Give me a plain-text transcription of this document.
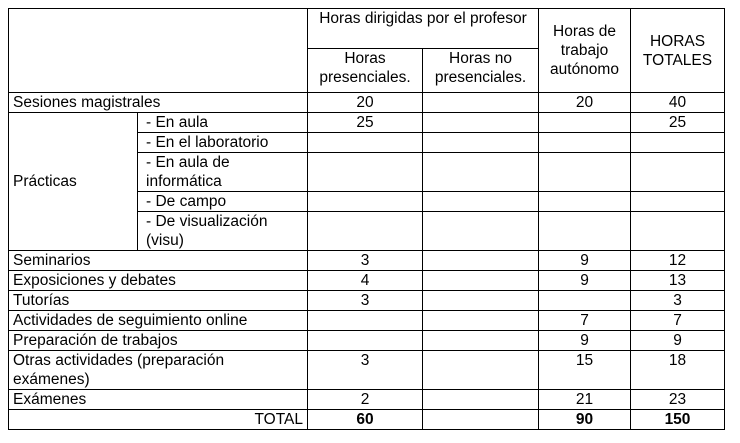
		Horas dirigidas por el profesor		Horas de trabajo autónomo	HORAS TOTALES
		Horas presenciales.	Horas no presenciales.		
Sesiones magistrales		20		20	40
Prácticas	- En aula	25			25
	- En el laboratorio				
	- En aula de informática				
	- De campo				
	- De visualización (visu)				
Seminarios		3		9	12
Exposiciones y debates		4		9	13
Tutorías		3			3
Actividades de seguimiento online				7	7
Preparación de trabajos				9	9

Otras actividades (preparación exámenes)		3		15	18
Exámenes		2		21	23
TOTAL		60		90	150
